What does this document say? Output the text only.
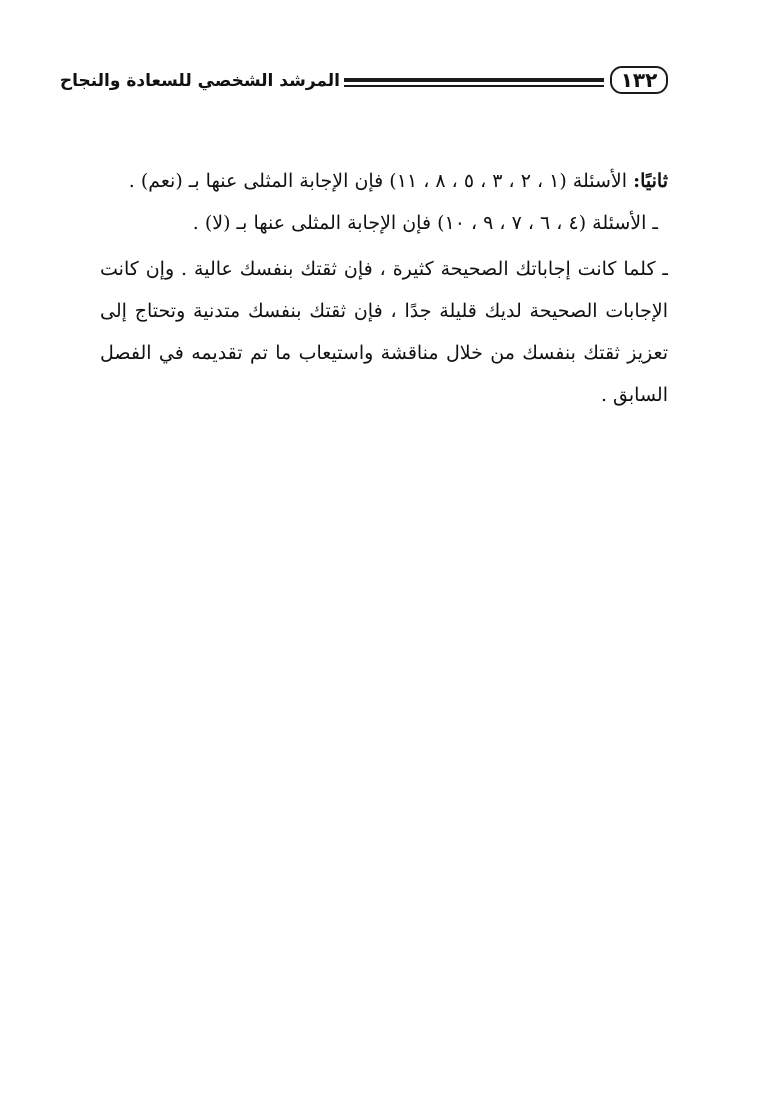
المرشد الشخصي للسعادة والنجاح	١٣٢

ثانيًا: الأسئلة (١ ، ٢ ، ٣ ، ٥ ، ٨ ، ١١) فإن الإجابة المثلى عنها بـ (نعم) .

ـ الأسئلة (٤ ، ٦ ، ٧ ، ٩ ، ١٠) فإن الإجابة المثلى عنها بـ (لا) .

ـ كلما كانت إجاباتك الصحيحة كثيرة ، فإن ثقتك بنفسك عالية . وإن كانت الإجابات الصحيحة لديك قليلة جدًا ، فإن ثقتك بنفسك متدنية وتحتاج إلى تعزيز ثقتك بنفسك من خلال مناقشة واستيعاب ما تم تقديمه في الفصل السابق .
